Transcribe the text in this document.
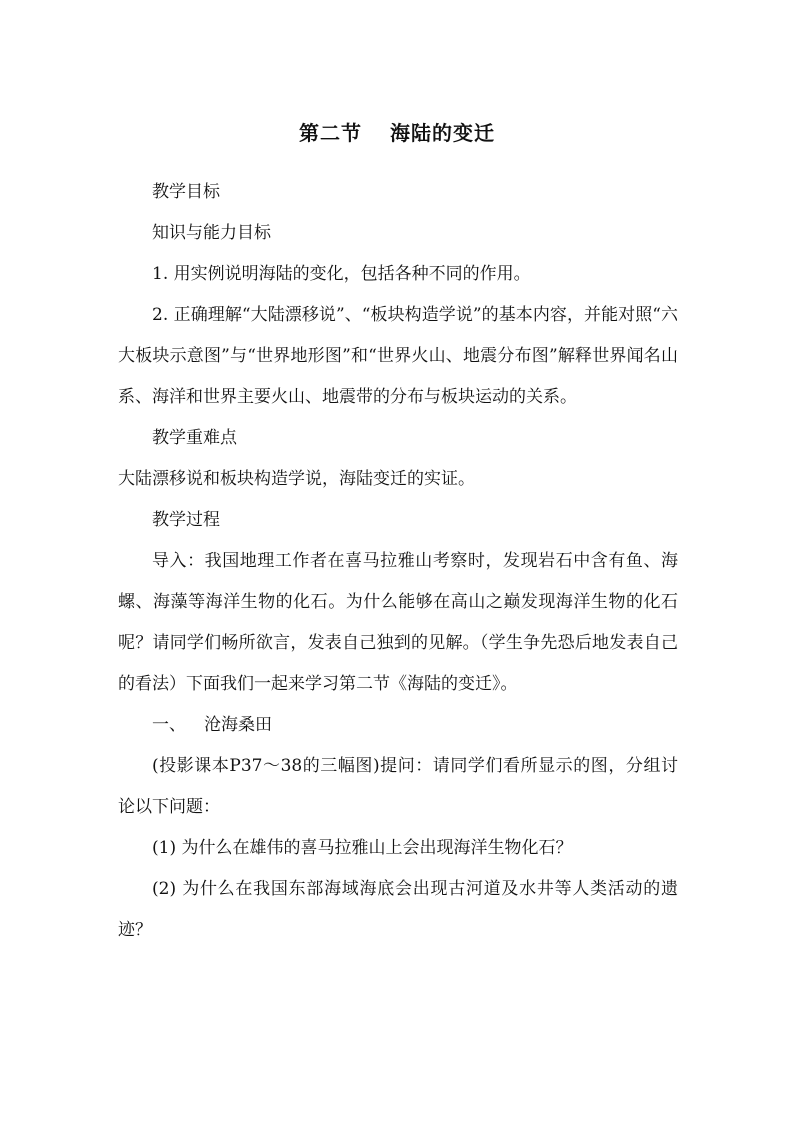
第二节 海陆的变迁

教学目标

知识与能力目标

1. 用实例说明海陆的变化，包括各种不同的作用。

2. 正确理解“大陆漂移说”、“板块构造学说”的基本内容，并能对照“六大板块示意图”与“世界地形图”和“世界火山、地震分布图”解释世界闻名山系、海洋和世界主要火山、地震带的分布与板块运动的关系。

教学重难点

大陆漂移说和板块构造学说，海陆变迁的实证。

教学过程

导入：我国地理工作者在喜马拉雅山考察时，发现岩石中含有鱼、海螺、海藻等海洋生物的化石。为什么能够在高山之巅发现海洋生物的化石呢？请同学们畅所欲言，发表自己独到的见解。（学生争先恐后地发表自己的看法）下面我们一起来学习第二节《海陆的变迁》。

一、 沧海桑田

(投影课本P37～38的三幅图)提问：请同学们看所显示的图，分组讨论以下问题：

(1) 为什么在雄伟的喜马拉雅山上会出现海洋生物化石？

(2) 为什么在我国东部海域海底会出现古河道及水井等人类活动的遗迹？
